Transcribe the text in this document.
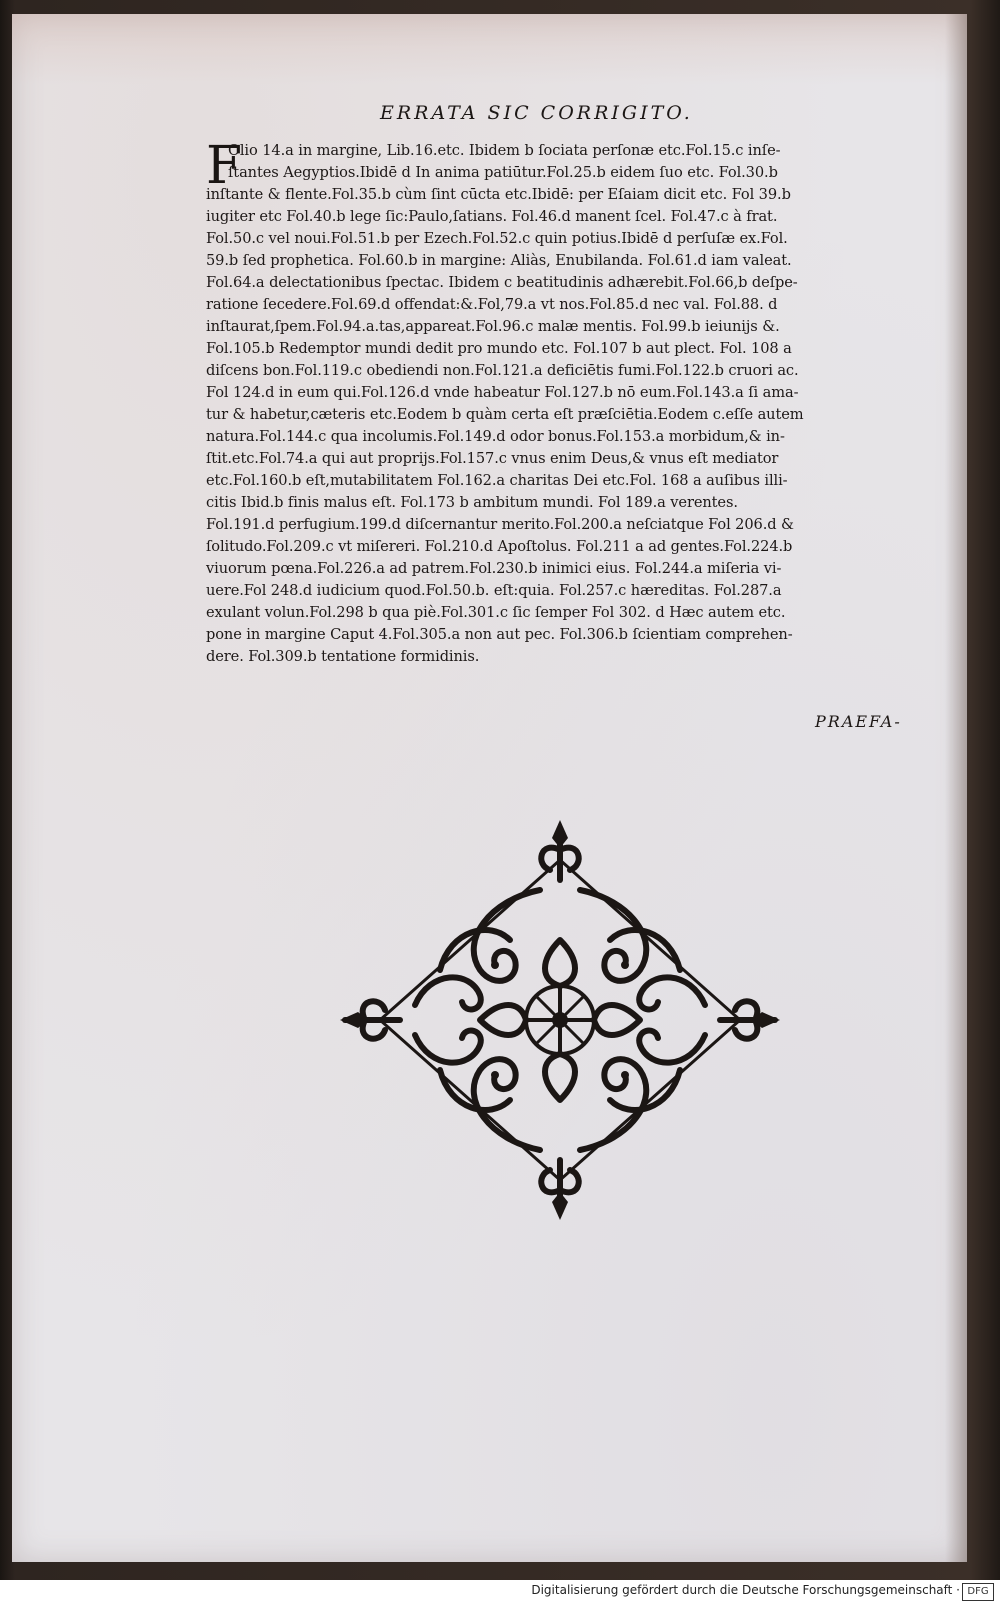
ERRATA SIC CORRIGITO.
F
Olio 14.a in margine, Lib.16.etc. Ibidem b ſociata perſonæ etc.Fol.15.c inſe-
ſtantes Aegyptios.Ibidē d In anima patiūtur.Fol.25.b eidem ſuo etc. Fol.30.b
inſtante & flente.Fol.35.b cùm ſint cūcta etc.Ibidē: per Eſaiam dicit etc. Fol 39.b
iugiter etc Fol.40.b lege ſic:Paulo,ſatians. Fol.46.d manent ſcel. Fol.47.c à frat.
Fol.50.c vel noui.Fol.51.b per Ezech.Fol.52.c quin potius.Ibidē d perſuſæ ex.Fol.
59.b ſed prophetica. Fol.60.b in margine: Aliàs, Enubilanda. Fol.61.d iam valeat.
Fol.64.a delectationibus ſpectac. Ibidem c beatitudinis adhærebit.Fol.66,b deſpe-
ratione ſecedere.Fol.69.d offendat:&.Fol,79.a vt nos.Fol.85.d nec val. Fol.88. d
inſtaurat,ſpem.Fol.94.a.tas,appareat.Fol.96.c malæ mentis. Fol.99.b ieiunijs &.
Fol.105.b Redemptor mundi dedit pro mundo etc. Fol.107 b aut plect. Fol. 108 a
diſcens bon.Fol.119.c obediendi non.Fol.121.a deficiētis fumi.Fol.122.b cruori ac.
Fol 124.d in eum qui.Fol.126.d vnde habeatur Fol.127.b nō eum.Fol.143.a ſi ama-
tur & habetur,cæteris etc.Eodem b quàm certa eſt præſciētia.Eodem c.eſſe autem
natura.Fol.144.c qua incolumis.Fol.149.d odor bonus.Fol.153.a morbidum,& in-
ſtit.etc.Fol.74.a qui aut proprijs.Fol.157.c vnus enim Deus,& vnus eſt mediator
etc.Fol.160.b eſt,mutabilitatem Fol.162.a charitas Dei etc.Fol. 168 a auſibus illi-
citis Ibid.b finis malus eſt. Fol.173 b ambitum mundi. Fol 189.a verentes.
Fol.191.d perfugium.199.d diſcernantur merito.Fol.200.a neſciatque Fol 206.d &
ſolitudo.Fol.209.c vt miſereri. Fol.210.d Apoſtolus. Fol.211 a ad gentes.Fol.224.b
viuorum pœna.Fol.226.a ad patrem.Fol.230.b inimici eius. Fol.244.a miſeria vi-
uere.Fol 248.d iudicium quod.Fol.50.b. eſt:quia. Fol.257.c hæreditas. Fol.287.a
exulant volun.Fol.298 b qua piè.Fol.301.c ſic ſemper Fol 302. d Hæc autem etc.
pone in margine Caput 4.Fol.305.a non aut pec. Fol.306.b ſcientiam comprehen-
dere. Fol.309.b tentatione formidinis.
PRAEFA-
Digitalisierung gefördert durch die Deutsche Forschungsgemeinschaft · DFG
